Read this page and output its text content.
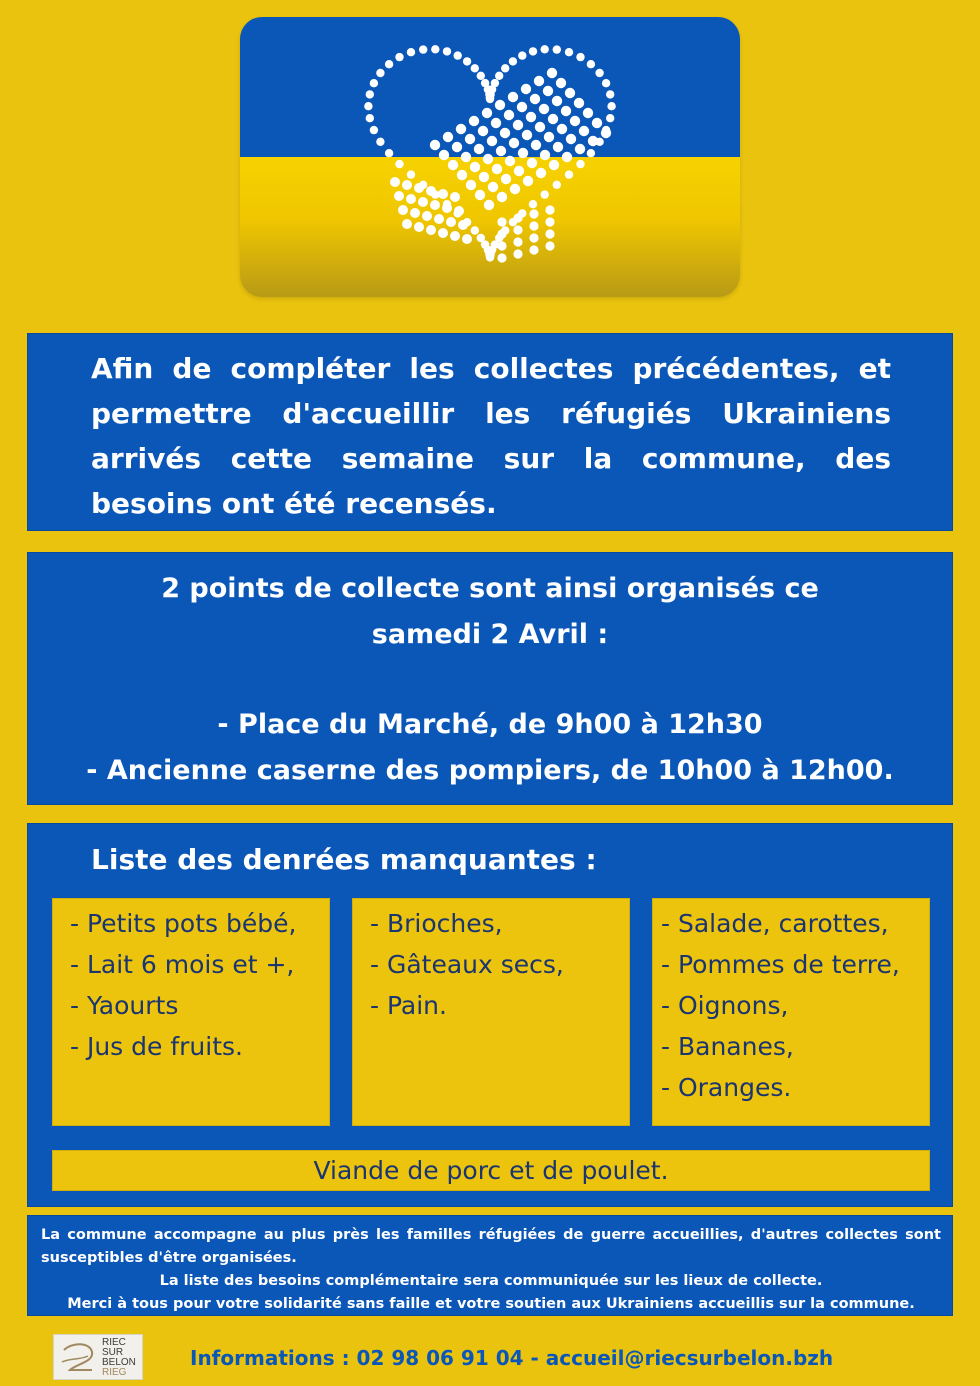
Afin de compléter les collectes précédentes, et permettre d'accueillir les réfugiés Ukrainiens arrivés cette semaine sur la commune, des besoins ont été recensés.

2 points de collecte sont ainsi organisés ce
samedi 2 Avril :
- Place du Marché, de 9h00 à 12h30
- Ancienne caserne des pompiers, de 10h00 à 12h00.
Liste des denrées manquantes :
- Petits pots bébé,
- Lait 6 mois et +,
- Yaourts
- Jus de fruits.
- Brioches,
- Gâteaux secs,
- Pain.
- Salade, carottes,
- Pommes de terre,
- Oignons,
- Bananes,
- Oranges.
Viande de porc et de poulet.

La commune accompagne au plus près les familles réfugiées de guerre accueillies, d'autres collectes sont susceptibles d'être organisées.

La liste des besoins complémentaire sera communiquée sur les lieux de collecte.

Merci à tous pour votre solidarité sans faille et votre soutien aux Ukrainiens accueillis sur la commune.

RIEC
SUR
BELON
RIEG
Informations : 02 98 06 91 04 - accueil@riecsurbelon.bzh
